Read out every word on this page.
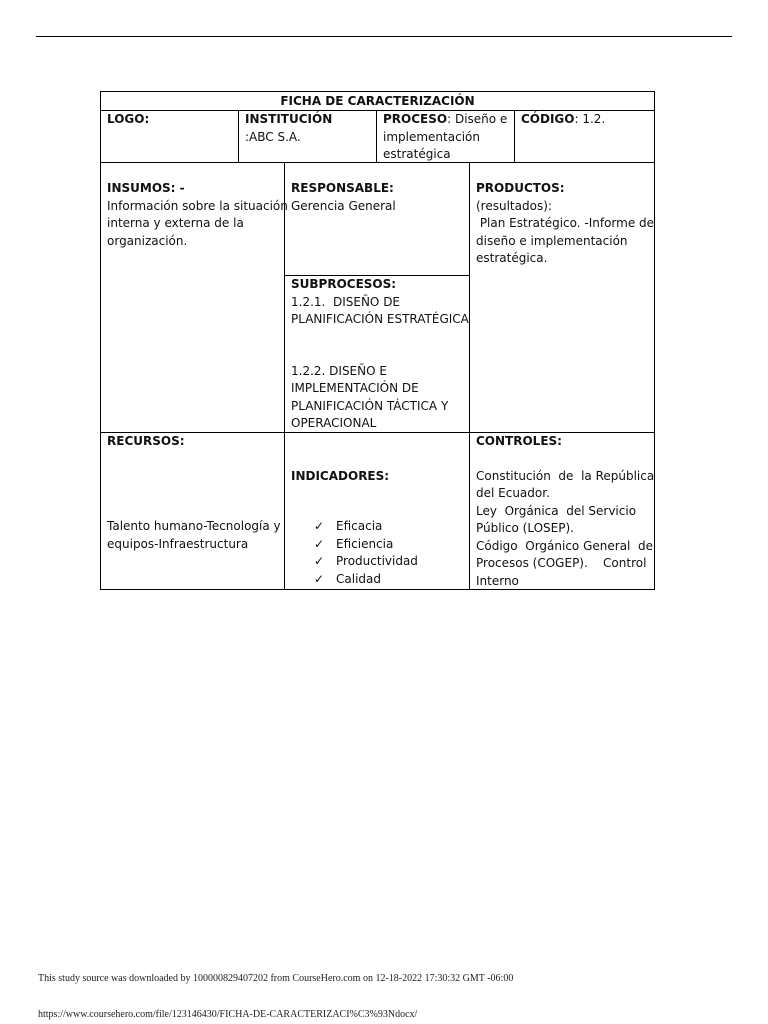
FICHA DE CARACTERIZACIÓN
LOGO:	INSTITUCIÓN
:ABC S.A.
PROCESO: Diseño e
implementación
estratégica
CÓDIGO: 1.2.
INSUMOS: -
Información sobre la situación
interna y externa de la
organización.
RESPONSABLE:
Gerencia General
PRODUCTOS:
(resultados):
Plan Estratégico. -Informe de
diseño e implementación
estratégica.
SUBPROCESOS:
1.2.1.  DISEÑO DE
PLANIFICACIÓN ESTRATÉGICA
1.2.2. DISEÑO E
IMPLEMENTACIÓN DE
PLANIFICACIÓN TÁCTICA Y
OPERACIONAL
RECURSOS:
Talento humano-Tecnología y
equipos-Infraestructura
INDICADORES:
✓ Eficacia
✓ Eficiencia
✓ Productividad
✓ Calidad
CONTROLES:
Constitución  de  la República
del Ecuador.
Ley  Orgánica  del Servicio
Público (LOSEP).
Código  Orgánico General  de
Procesos (COGEP).    Control
Interno
This study source was downloaded by 100000829407202 from CourseHero.com on 12-18-2022 17:30:32 GMT -06:00
https://www.coursehero.com/file/123146430/FICHA-DE-CARACTERIZACI%C3%93Ndocx/
